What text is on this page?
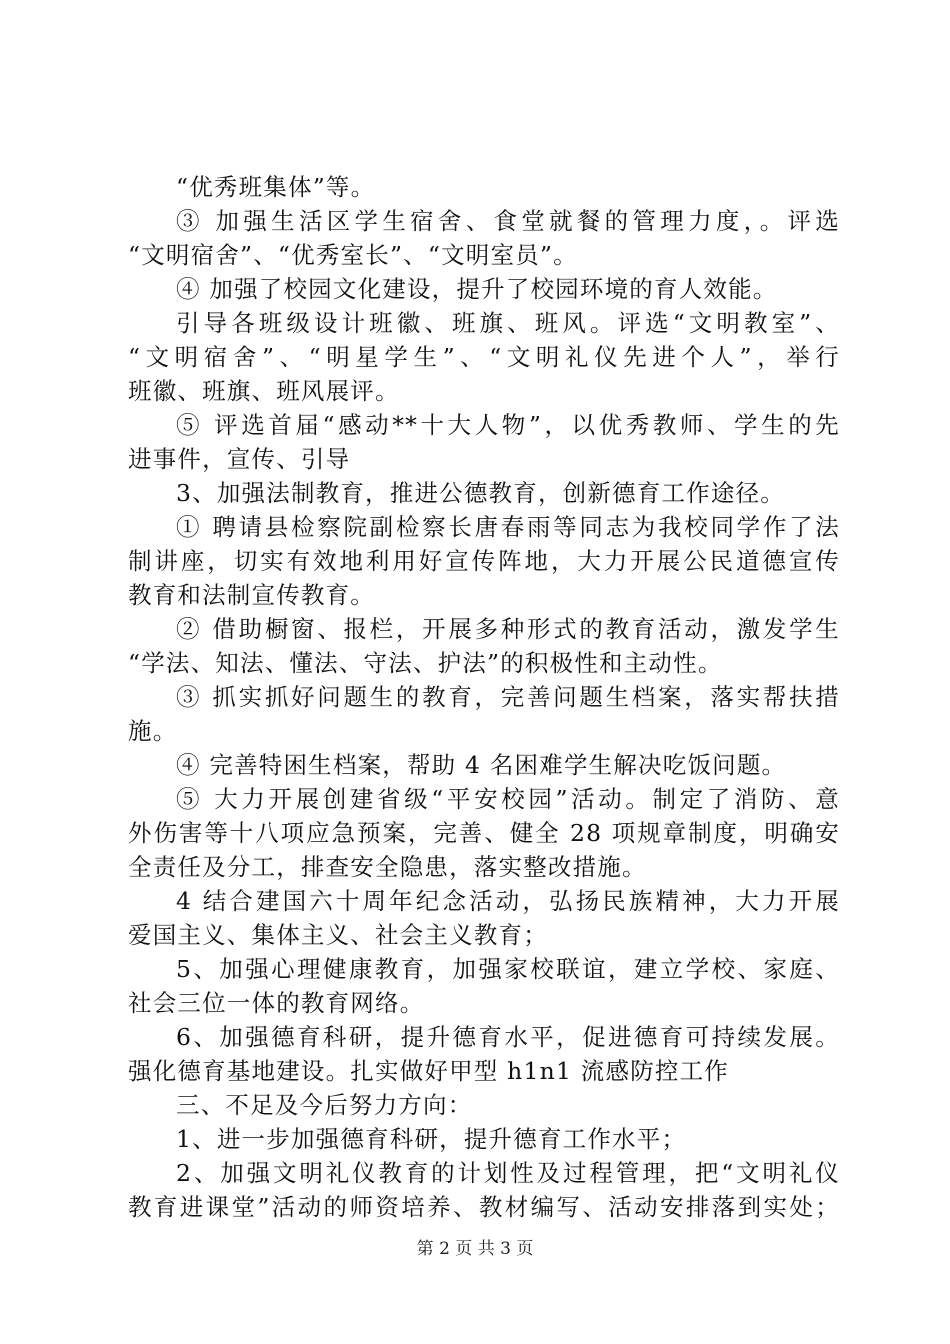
“优秀班集体”等。
③ 加强生活区学生宿舍、食堂就餐的管理力度，。评选
“文明宿舍”、“优秀室长”、“文明室员”。
④ 加强了校园文化建设，提升了校园环境的育人效能。
引导各班级设计班徽、班旗、班风。评选“文明教室”、
“文明宿舍”、“明星学生”、“文明礼仪先进个人”，举行
班徽、班旗、班风展评。
⑤ 评选首届“感动**十大人物”，以优秀教师、学生的先
进事件，宣传、引导
3、加强法制教育，推进公德教育，创新德育工作途径。
① 聘请县检察院副检察长唐春雨等同志为我校同学作了法
制讲座，切实有效地利用好宣传阵地，大力开展公民道德宣传
教育和法制宣传教育。
② 借助橱窗、报栏，开展多种形式的教育活动，激发学生
“学法、知法、懂法、守法、护法”的积极性和主动性。
③ 抓实抓好问题生的教育，完善问题生档案，落实帮扶措
施。
④ 完善特困生档案，帮助 4 名困难学生解决吃饭问题。
⑤ 大力开展创建省级“平安校园”活动。制定了消防、意
外伤害等十八项应急预案，完善、健全 28 项规章制度，明确安
全责任及分工，排查安全隐患，落实整改措施。
4 结合建国六十周年纪念活动，弘扬民族精神，大力开展
爱国主义、集体主义、社会主义教育；
5、加强心理健康教育，加强家校联谊，建立学校、家庭、
社会三位一体的教育网络。
6、加强德育科研，提升德育水平，促进德育可持续发展。
强化德育基地建设。扎实做好甲型 h1n1 流感防控工作
三、不足及今后努力方向：
1、进一步加强德育科研，提升德育工作水平；
2、加强文明礼仪教育的计划性及过程管理，把“文明礼仪
教育进课堂”活动的师资培养、教材编写、活动安排落到实处；
第 2 页 共 3 页
